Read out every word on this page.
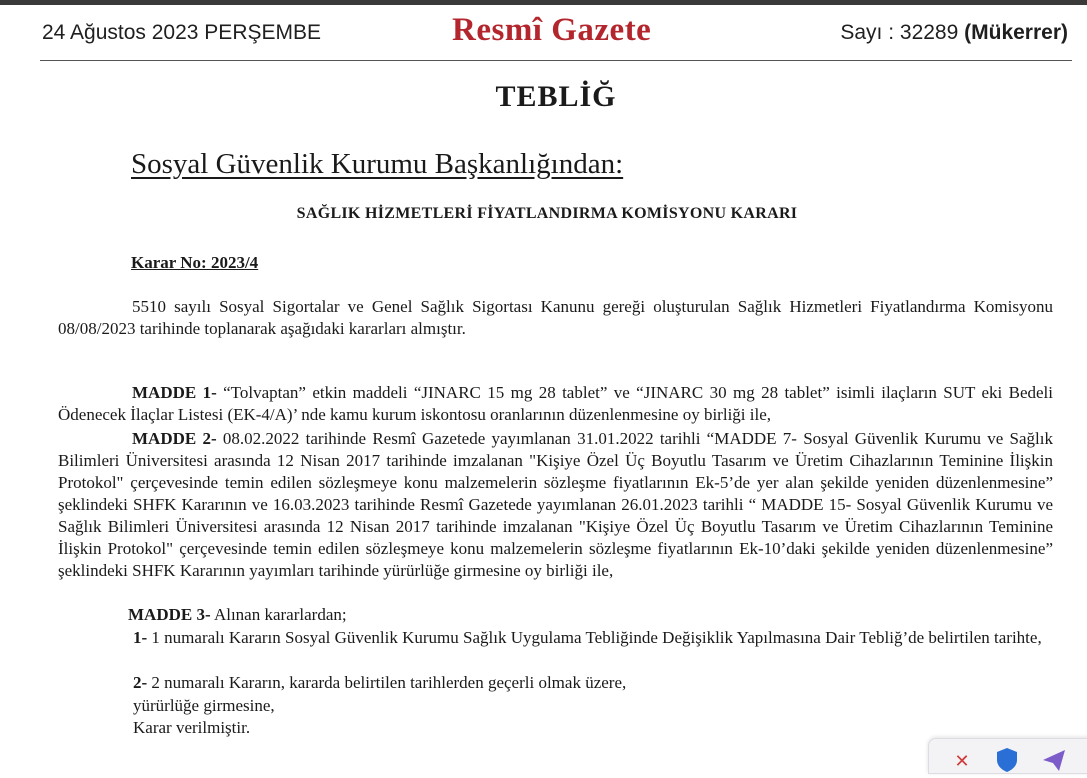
24 Ağustos 2023 PERŞEMBE	Resmî Gazete	Sayı : 32289 (Mükerrer)
TEBLİĞ
Sosyal Güvenlik Kurumu Başkanlığından:
SAĞLIK HİZMETLERİ FİYATLANDIRMA KOMİSYONU KARARI
Karar No: 2023/4
5510 sayılı Sosyal Sigortalar ve Genel Sağlık Sigortası Kanunu gereği oluşturulan Sağlık Hizmetleri Fiyatlandırma Komisyonu 08/08/2023 tarihinde toplanarak aşağıdaki kararları almıştır.
MADDE 1- “Tolvaptan” etkin maddeli “JINARC 15 mg 28 tablet” ve “JINARC 30 mg 28 tablet” isimli ilaçların SUT eki Bedeli Ödenecek İlaçlar Listesi (EK-4/A)’ nde kamu kurum iskontosu oranlarının düzenlenmesine oy birliği ile,
MADDE 2- 08.02.2022 tarihinde Resmî Gazetede yayımlanan 31.01.2022 tarihli “MADDE 7- Sosyal Güvenlik Kurumu ve Sağlık Bilimleri Üniversitesi arasında 12 Nisan 2017 tarihinde imzalanan "Kişiye Özel Üç Boyutlu Tasarım ve Üretim Cihazlarının Teminine İlişkin Protokol" çerçevesinde temin edilen sözleşmeye konu malzemelerin sözleşme fiyatlarının Ek-5’de yer alan şekilde yeniden düzenlenmesine” şeklindeki SHFK Kararının ve 16.03.2023 tarihinde Resmî Gazetede yayımlanan 26.01.2023 tarihli “ MADDE 15- Sosyal Güvenlik Kurumu ve Sağlık Bilimleri Üniversitesi arasında 12 Nisan 2017 tarihinde imzalanan "Kişiye Özel Üç Boyutlu Tasarım ve Üretim Cihazlarının Teminine İlişkin Protokol" çerçevesinde temin edilen sözleşmeye konu malzemelerin sözleşme fiyatlarının Ek-10’daki şekilde yeniden düzenlenmesine” şeklindeki SHFK Kararının yayımları tarihinde yürürlüğe girmesine oy birliği ile,
MADDE 3- Alınan kararlardan;
1- 1 numaralı Kararın Sosyal Güvenlik Kurumu Sağlık Uygulama Tebliğinde Değişiklik Yapılmasına Dair Tebliğ’de belirtilen tarihte,
2- 2 numaralı Kararın, kararda belirtilen tarihlerden geçerli olmak üzere,
yürürlüğe girmesine,
Karar verilmiştir.
✕
